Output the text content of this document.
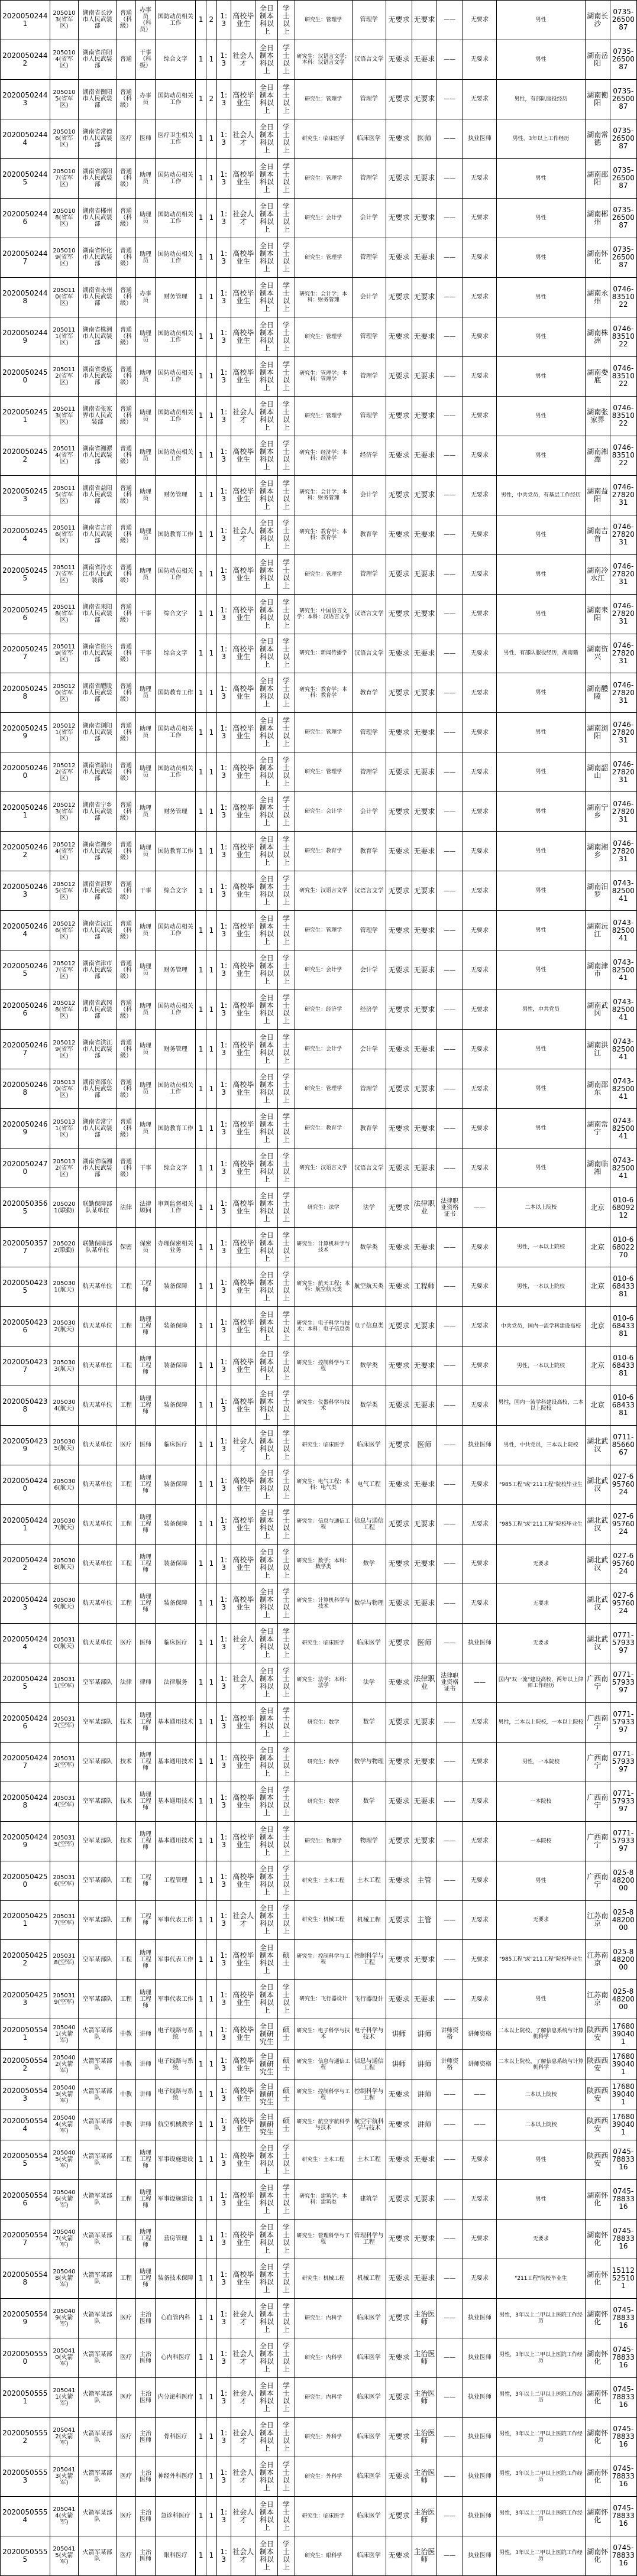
20200502441	2050103(省军区)	湖南省长沙市人民武装部	普通（科级）	办事员（科员）	国防动员相关工作	1	2	1:3	高校毕业生	全日制本科以上	学士以上	研究生：管理学	管理学	无要求	无要求	——	无要求	男性	湖南长沙	0735-2650087
20200502442	2050104(省军区)	湖南省岳阳市人民武装部	普通	干事（科级）	综合文字	1	1	1:3	社会人才	全日制本科以上	学士以上	研究生：汉语言文学；本科：汉语言文学	汉语言文学	无要求	无要求	——	无要求	男性	湖南岳阳	0735-2650087
20200502443	2050105(省军区)	湖南省衡阳市人民武装部	普通（科级）	办事员	国防动员相关工作	1	2	1:3	高校毕业生	全日制本科以上	学士以上	研究生：管理学	管理学	无要求	无要求	——	无要求	男性，有部队服役经历	湖南衡阳	0735-2650087
20200502444	2050106(省军区)	湖南省常德市人民武装部	医疗	医师	医疗卫生相关工作	1	1	1:3	社会人才	全日制本科以上	学士以上	研究生：临床医学	临床医学	无要求	医师	——	执业医师	男性，3年以上工作经历	湖南常德	0735-2650087
20200502445	2050107(省军区)	湖南省邵阳市人民武装部	普通（科级）	助理员	国防动员相关工作	1	1	1:3	高校毕业生	全日制本科以上	学士以上	研究生：管理学	管理学	无要求	无要求	——	无要求	男性	湖南邵阳	0735-2650087
20200502446	2050108(省军区)	湖南省郴州市人民武装部	普通（科级）	助理员	国防动员相关工作	1	1	1:3	社会人才	全日制本科以上	学士以上	研究生：会计学	会计学	无要求	无要求	——	无要求	男性	湖南郴州	0735-2650087
20200502447	2050109(省军区)	湖南省怀化市人民武装部	普通（科级）	助理员	国防动员相关工作	1	1	1:3	高校毕业生	全日制本科以上	学士以上	研究生：管理学	管理学	无要求	无要求	——	无要求	男性	湖南怀化	0735-2650087
20200502448	2050110(省军区)	湖南省永州市人民武装部	普通（科级）	办事员	财务管理	1	1	1:3	高校毕业生	全日制本科以上	学士以上	研究生：会计学；本科：财务管理	会计学	无要求	无要求	——	无要求	男性	湖南永州	0746-8351022
20200502449	2050111(省军区)	湖南省株洲市人民武装部	普通（科级）	助理员	国防动员相关工作	1	1	1:3	高校毕业生	全日制本科以上	学士以上	研究生：管理学	管理学	无要求	无要求	——	无要求	男性	湖南株洲	0746-8351022
20200502450	2050112(省军区)	湖南省娄底市人民武装部	普通（科级）	助理员	国防动员相关工作	1	1	1:3	高校毕业生	全日制本科以上	学士以上	研究生：管理学；本科：管理学	管理学	无要求	无要求	——	无要求	男性	湖南娄底	0746-8351022
20200502451	2050113(省军区)	湖南省张家界市人民武装部	普通（科级）	助理员	国防动员相关工作	1	1	1:3	社会人才	全日制本科以上	学士以上	研究生：管理学	管理学	无要求	无要求	——	无要求	男性	湖南张家界	0746-8351022
20200502452	2050114(省军区)	湖南省湘潭市人民武装部	普通（科级）	助理员	国防动员相关工作	1	1	1:3	高校毕业生	全日制本科以上	学士以上	研究生：经济学；本科：经济学	经济学	无要求	无要求	——	无要求	男性	湖南湘潭	0746-8351022
20200502453	2050115(省军区)	湖南省益阳市人民武装部	普通（科级）	助理员	财务管理	1	1	1:3	高校毕业生	全日制本科以上	学士以上	研究生：会计学；本科：财务管理	会计学	无要求	无要求	——	无要求	男性，中共党员，有基层工作经历	湖南益阳	0746-2782031
20200502454	2050116(省军区)	湖南省吉首市人民武装部	普通（科级）	助理员	国防教育工作	1	1	1:3	社会人才	全日制本科以上	学士以上	研究生：教育学；本科：教育学	教育学	无要求	无要求	——	无要求	男性	湖南吉首	0746-2782031
20200502455	2050117(省军区)	湖南省冷水江市人民武装部	普通（科级）	助理员	国防动员相关工作	1	1	1:3	高校毕业生	全日制本科以上	学士以上	研究生：管理学	管理学	无要求	无要求	——	无要求	男性	湖南冷水江	0746-2782031
20200502456	2050118(省军区)	湖南省耒阳市人民武装部	普通（科级）	干事	综合文字	1	1	1:3	高校毕业生	全日制本科以上	学士以上	研究生：中国语言文学；本科：汉语言文学	汉语言文学	无要求	无要求	——	无要求	男性	湖南耒阳	0746-2782031
20200502457	2050119(省军区)	湖南省资兴市人民武装部	普通（科级）	干事	综合文字	1	1	1:3	高校毕业生	全日制本科以上	学士以上	研究生：新闻传播学	汉语言文学	无要求	无要求	——	无要求	男性，有部队服役经历，湖南籍	湖南资兴	0746-2782031
20200502458	2050120(省军区)	湖南省醴陵市人民武装部	普通（科级）	助理员	国防教育工作	1	1	1:3	高校毕业生	全日制本科以上	学士以上	研究生：教育学；本科：教育学	教育学	无要求	无要求	——	无要求	男性	湖南醴陵	0746-2782031
20200502459	2050121(省军区)	湖南省浏阳市人民武装部	普通（科级）	助理员	国防动员相关工作	1	1	1:3	高校毕业生	全日制本科以上	学士以上	研究生：管理学	管理学	无要求	无要求	——	无要求	男性	湖南浏阳	0746-2782031
20200502460	2050122(省军区)	湖南省韶山市人民武装部	普通（科级）	助理员	国防动员相关工作	1	1	1:3	高校毕业生	全日制本科以上	学士以上	研究生：管理学	管理学	无要求	无要求	——	无要求	男性	湖南韶山	0746-2782031
20200502461	2050123(省军区)	湖南省宁乡市人民武装部	普通（科级）	助理员	财务管理	1	1	1:3	高校毕业生	全日制本科以上	学士以上	研究生：会计学	会计学	无要求	无要求	——	无要求	男性	湖南宁乡	0746-2782031
20200502462	2050124(省军区)	湖南省湘乡市人民武装部	普通（科级）	助理员	国防教育工作	1	1	1:3	高校毕业生	全日制本科以上	学士以上	研究生：教育学	教育学	无要求	无要求	——	无要求	男性	湖南湘乡	0746-2782031
20200502463	2050125(省军区)	湖南省汨罗市人民武装部	普通（科级）	干事	综合文字	1	1	1:3	高校毕业生	全日制本科以上	学士以上	研究生：汉语言文学	汉语言文学	无要求	无要求	——	无要求	男性	湖南汨罗	0743-8250041
20200502464	2050126(省军区)	湖南省沅江市人民武装部	普通（科级）	助理员	国防动员相关工作	1	1	1:3	高校毕业生	全日制本科以上	学士以上	研究生：管理学	管理学	无要求	无要求	——	无要求	男性	湖南沅江	0743-8250041
20200502465	2050127(省军区)	湖南省津市市人民武装部	普通（科级）	助理员	财务管理	1	1	1:3	高校毕业生	全日制本科以上	学士以上	研究生：会计学	会计学	无要求	无要求	——	无要求	男性	湖南津市	0743-8250041
20200502466	2050128(省军区)	湖南省武冈市人民武装部	普通（科级）	助理员	国防动员相关工作	1	1	1:3	高校毕业生	全日制本科以上	学士以上	研究生：经济学	经济学	无要求	无要求	——	无要求	男性，中共党员	湖南武冈	0743-8250041
20200502467	2050129(省军区)	湖南省洪江市人民武装部	普通（科级）	助理员	财务管理	1	1	1:3	高校毕业生	全日制本科以上	学士以上	研究生：会计学	会计学	无要求	无要求	——	无要求	男性	湖南洪江	0743-8250041
20200502468	2050130(省军区)	湖南省邵东市人民武装部	普通（科级）	助理员	国防动员相关工作	1	1	1:3	高校毕业生	全日制本科以上	学士以上	研究生：管理学	管理学	无要求	无要求	——	无要求	男性	湖南邵东	0743-8250041
20200502469	2050131(省军区)	湖南省常宁市人民武装部	普通（科级）	助理员	国防教育工作	1	1	1:3	高校毕业生	全日制本科以上	学士以上	研究生：教育学	教育学	无要求	无要求	——	无要求	男性	湖南常宁	0743-8250041
20200502470	2050132(省军区)	湖南省临湘市人民武装部	普通（科级）	干事	综合文字	1	1	1:3	高校毕业生	全日制本科以上	学士以上	研究生：汉语言文学	汉语言文学	无要求	无要求	——	无要求	男性	湖南临湘	0743-8250041
20200503565	2050201(联勤)	联勤保障部队某单位	法律	法律顾问	审判监督相关工作	1	1	1:3	高校毕业生	全日制本科以上	学士以上	研究生：法学	法学	无要求	法律职业	法律职业资格证书	——	二本以上院校	北京	010-66809212
20200503577	2050202(联勤)	联勤保障部队某单位	保密	保密员	办理保密相关业务	1	1	1:3	高校毕业生	全日制本科以上	学士以上	研究生：计算机科学与技术	数学类	无要求	无要求	——	无要求	男性，一本以上院校	北京	010-66802270
20200504235	2050301(航天)	航天某单位	工程	工程师	装备保障	1	1	1:3	高校毕业生	全日制本科以上	学士以上	研究生：航天工程；本科：航空航天类	航空航天类	无要求	工程师	——	无要求	男性，一本以上院校	北京	010-66843381
20200504236	2050302(航天)	航天某单位	工程	助理工程师	装备保障	1	1	1:3	高校毕业生	全日制本科以上	学士以上	研究生：电子科学与技术；本科：电子信息类	电子信息类	无要求	无要求	——	无要求	中共党员，国内一流学科建设高校	北京	010-66843381
20200504237	2050303(航天)	航天某单位	工程	助理工程师	装备保障	1	1	1:3	高校毕业生	全日制本科以上	学士以上	研究生：控制科学与工程	数学类	无要求	无要求	——	无要求	男性，一本以上院校	北京	010-66843381
20200504238	2050304(航天)	航天某单位	工程	助理工程师	装备保障	1	1	1:3	高校毕业生	全日制本科以上	学士以上	研究生：仪器科学与技术	数学类	无要求	无要求	——	无要求	男性，国内一流学科建设高校，二本以上院校	北京	010-66843381
20200504239	2050305(航天)	航天某单位	医疗	医师	临床医疗	1	1	1:3	社会人才	全日制本科以上	学士以上	研究生：临床医学	临床医学	无要求	医师	——	执业医师	男性，中共党员，三本以上院校	湖北武汉	0711-8566067
20200504240	2050306(航天)	航天某单位	工程	助理工程师	装备保障	1	1	1:3	高校毕业生	全日制本科以上	学士以上	研究生：电气工程；本科：电气类	电气工程	无要求	无要求	——	无要求	"985工程"或"211工程"院校毕业生	湖北武汉	027-69576024
20200504241	2050307(航天)	航天某单位	工程	助理工程师	装备保障	1	1	1:3	高校毕业生	全日制本科以上	学士以上	研究生：信息与通信工程	信息与通信工程	无要求	无要求	——	无要求	"985工程"或"211工程"院校毕业生	湖北武汉	027-69576024
20200504242	2050308(航天)	航天某单位	工程	助理工程师	装备保障	1	1	1:3	高校毕业生	全日制本科以上	学士以上	研究生：数学；本科：数学类	数学	无要求	无要求	——	无要求	无要求	湖北武汉	027-69576024
20200504243	2050309(航天)	航天某单位	工程	助理工程师	装备保障	1	1	1:3	高校毕业生	全日制本科以上	学士以上	研究生：计算机科学与技术	数学与物理	无要求	无要求	——	无要求	无要求	湖北武汉	027-69576024
20200504244	2050310(航天)	航天某单位	医疗	医师	临床医疗	1	1	1:3	社会人才	全日制本科以上	学士以上	研究生：临床医学	临床医学	无要求	医师	——	执业医师	无要求	湖北武汉	0771-5793397
20200504245	2050311(空军)	空军某部队	法律	律师	法律服务	1	1	1:3	社会人才	全日制本科以上	学士以上	研究生：法学；本科：法学	法学	无要求	法律职业	法律职业资格证书	——	国内"双一流"建设高校，两年以上律师工作经历	广西南宁	0771-5793397
20200504246	2050312(空军)	空军某部队	技术	助理工程师	基本通用技术	1	1	1:3	高校毕业生	全日制本科以上	学士以上	研究生：数学	数学	无要求	无要求	——	无要求	男性，二本以上院校，一本以上院校	广西南宁	0771-5793397
20200504247	2050313(空军)	空军某部队	技术	助理工程师	基本通用技术	1	1	1:3	高校毕业生	全日制本科以上	学士以上	研究生：数学	数学与物理	无要求	无要求	——	无要求	男性，一本院校	广西南宁	0771-5793397
20200504248	2050314(空军)	空军某部队	技术	助理工程师	基本通用技术	1	1	1:3	高校毕业生	全日制本科以上	学士以上	研究生：数学	数学	无要求	无要求	——	无要求	一本院校	广西南宁	0771-5793397
20200504249	2050315(空军)	空军某部队	技术	助理工程师	基本通用技术	1	1	1:3	高校毕业生	全日制本科以上	学士以上	研究生：物理学	物理学	无要求	无要求	——	无要求	一本院校	广西南宁	0771-5793397
20200504250	2050316(空军)	空军某部队	工程	工程师	工程管理	1	1	1:3	高校毕业生	全日制本科以上	学士以上	研究生：土木工程	土木工程	无要求	主管	——	无要求	男性	广西南宁	025-84820000
20200504251	2050317(空军)	空军某部队	工程	工程师	军事代表工作	1	1	1:3	社会人才	全日制本科以上	学士以上	研究生：机械工程	机械工程	无要求	主管	——	无要求	无要求	江苏南京	025-84820000
20200504252	2050318(空军)	空军某部队	工程	助理工程师	军事代表工作	1	1	1:3	高校毕业生	全日制本科以上	硕士	研究生：控制科学与工程	控制科学与工程	无要求	无要求	——	无要求	"985工程"或"211工程"院校毕业生	江苏南京	025-84820000
20200504253	2050319(空军)	空军某部队	工程	助理工程师	军事代表工作	1	1	1:3	高校毕业生	全日制本科以上	学士以上	研究生：飞行器设计	飞行器设计	无要求	无要求	——	无要求	男性	江苏南京	025-84820000
20200505541	2050401(火箭军)	火箭军某部队	中教	讲师	电子线路与系统	1	1	1:3	高校毕业生	全日制研究生	硕士	研究生：电子科学与技术	电子科学与技术	讲师	讲师	讲师资格	讲师资格	二本以上院校，了解信息系统与计算机科学	陕西西安	17680390401
20200505542	2050402(火箭军)	火箭军某部队	中教	讲师	电子线路与系统	1	1	1:3	高校毕业生	全日制研究生	硕士	研究生：信息与通信工程	信息与通信工程	讲师	讲师	讲师资格	讲师资格	二本以上院校，了解信息系统与计算机科学	陕西西安	17680390401
20200505543	2050403(火箭军)	火箭军某部队	中教	讲师	电子线路与系统	1	1	1:3	高校毕业生	全日制研究生	硕士	研究生：控制科学与工程	控制科学与工程	无要求	讲师	——	——	二本以上院校	陕西西安	17680390401
20200505544	2050404(火箭军)	火箭军某部队	中教	讲师	航空机械教学	1	1	1:3	高校毕业生	全日制研究生	硕士	研究生：航空宇航科学与技术	航空宇航科学与技术	无要求	讲师	——	——	二本以上院校	陕西西安	17680390401
20200505545	2050405(火箭军)	火箭军某部队	工程	助理工程师	军事设施建设	1	1	1:3	高校毕业生	全日制本科以上	学士以上	研究生：土木工程	土木工程	无要求	无要求	——	无要求	男性	陕西西安	0745-7883316
20200505546	2050406(火箭军)	火箭军某部队	工程	助理工程师	军事设施建设	1	1	1:3	高校毕业生	全日制本科以上	学士以上	研究生：建筑学；本科：建筑类	建筑学	无要求	无要求	——	无要求	男性	湖南怀化	0745-7883316
20200505547	2050407(火箭军)	火箭军某部队	工程	助理工程师	营房管理	1	1	1:3	高校毕业生	全日制本科以上	学士以上	研究生：管理科学与工程	管理科学与工程	无要求	无要求	——	无要求	无要求	湖南怀化	0745-7883316
20200505548	2050408(火箭军)	火箭军某部队	工程	助理工程师	装备技术保障	1	1	1:3	高校毕业生	全日制本科以上	学士以上	研究生：机械工程	机械工程	无要求	无要求	——	无要求	"211工程"院校毕业生	湖南怀化	15112525101
20200505549	2050409(火箭军)	火箭军某部队	医疗	主治医师	心血管内科	1	1	1:3	社会人才	全日制本科以上	学士以上	研究生：内科学	临床医学	无要求	主治医师	——	执业医师	男性，3年以上二甲以上医院工作经历	湖南怀化	0745-7883316
20200505550	2050410(火箭军)	火箭军某部队	医疗	主治医师	心内科医疗	1	1	1:3	社会人才	全日制本科以上	学士以上	研究生：内科学	临床医学	无要求	主治医师	——	执业医师	男性，3年以上二甲以上医院工作经历	湖南怀化	0745-7883316
20200505551	2050411(火箭军)	火箭军某部队	医疗	主治医师	内分泌科医疗	1	1	1:3	社会人才	全日制本科以上	学士以上	研究生：内科学	临床医学	无要求	主治医师	——	执业医师	男性，3年以上二甲以上医院工作经历	湖南怀化	0745-7883316
20200505552	2050412(火箭军)	火箭军某部队	医疗	主治医师	骨科医疗	1	1	1:3	社会人才	全日制本科以上	学士以上	研究生：外科学	临床医学	无要求	主治医师	——	执业医师	男性，3年以上二甲以上医院工作经历	湖南怀化	0745-7883316
20200505553	2050413(火箭军)	火箭军某部队	医疗	主治医师	神经外科医疗	1	1	1:3	社会人才	全日制本科以上	学士以上	研究生：外科学	临床医学	无要求	主治医师	——	执业医师	男性，3年以上二甲以上医院工作经历	湖南怀化	0745-7883316
20200505554	2050414(火箭军)	火箭军某部队	医疗	主治医师	急诊科医疗	1	1	1:3	社会人才	全日制本科以上	学士以上	研究生：临床医学	临床医学	无要求	主治医师	——	执业医师	男性，3年以上二甲以上医院工作经历	湖南怀化	0745-7883316
20200505555	2050415(火箭军)	火箭军某部队	医疗	主治医师	眼科医疗	1	1	1:3	社会人才	全日制本科以上	学士以上	研究生：眼科学	临床医学	无要求	主治医师	——	执业医师	男性，3年以上二甲以上医院工作经历	湖南怀化	0745-7883316
